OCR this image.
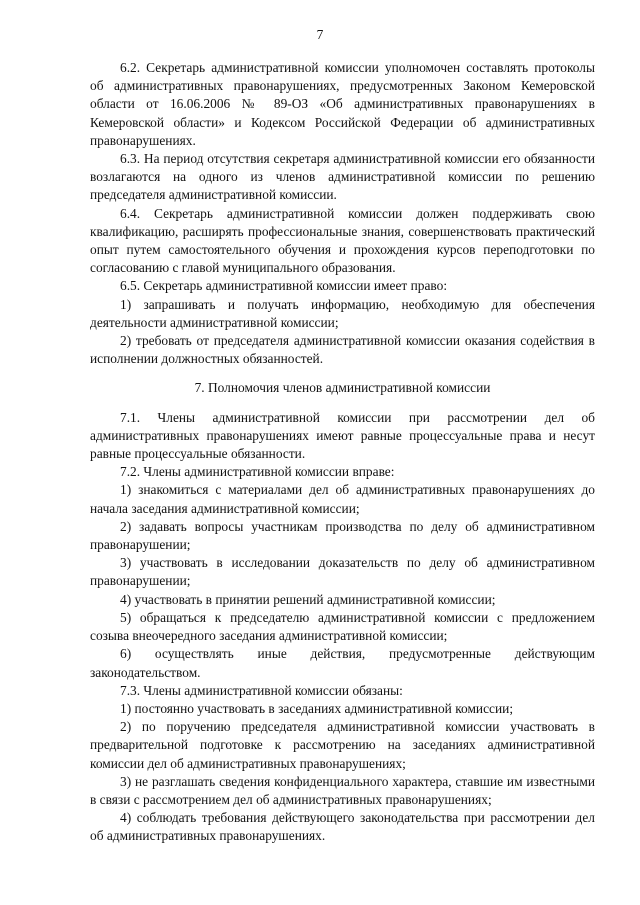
7

6.2. Секретарь административной комиссии уполномочен составлять протоколы об административных правонарушениях, предусмотренных Законом Кемеровской области от 16.06.2006 № 89-ОЗ «Об административных правонарушениях в Кемеровской области» и Кодексом Российской Федерации об административных правонарушениях.

6.3. На период отсутствия секретаря административной комиссии его обязанности возлагаются на одного из членов административной комиссии по решению председателя административной комиссии.

6.4. Секретарь административной комиссии должен поддерживать свою квалификацию, расширять профессиональные знания, совершенствовать практический опыт путем самостоятельного обучения и прохождения курсов переподготовки по согласованию с главой муниципального образования.

6.5. Секретарь административной комиссии имеет право:

1) запрашивать и получать информацию, необходимую для обеспечения деятельности административной комиссии;

2) требовать от председателя административной комиссии оказания содействия в исполнении должностных обязанностей.

7. Полномочия членов административной комиссии

7.1. Члены административной комиссии при рассмотрении дел об административных правонарушениях имеют равные процессуальные права и несут равные процессуальные обязанности.

7.2. Члены административной комиссии вправе:

1) знакомиться с материалами дел об административных правонарушениях до начала заседания административной комиссии;

2) задавать вопросы участникам производства по делу об административном правонарушении;

3) участвовать в исследовании доказательств по делу об административном правонарушении;

4) участвовать в принятии решений административной комиссии;

5) обращаться к председателю административной комиссии с предложением созыва внеочередного заседания административной комиссии;

6) осуществлять иные действия, предусмотренные действующим законодательством.

7.3. Члены административной комиссии обязаны:

1) постоянно участвовать в заседаниях административной комиссии;

2) по поручению председателя административной комиссии участвовать в предварительной подготовке к рассмотрению на заседаниях административной комиссии дел об административных правонарушениях;

3) не разглашать сведения конфиденциального характера, ставшие им известными в связи с рассмотрением дел об административных правонарушениях;

4) соблюдать требования действующего законодательства при рассмотрении дел об административных правонарушениях.
